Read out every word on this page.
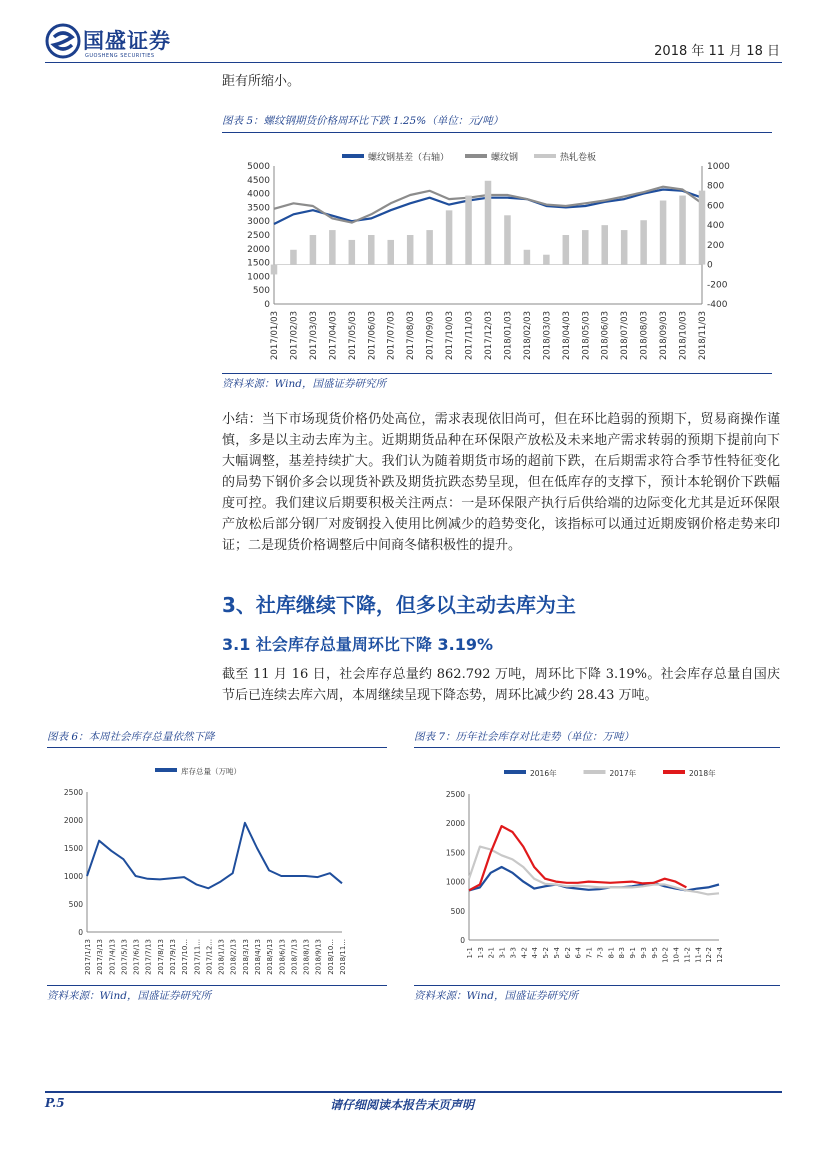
国盛证券
GUOSHENG SECURITIES	2018 年 11 月 18 日
距有所缩小。
图表 5：螺纹钢期货价格周环比下跌 1.25%（单位：元/吨）
0
500
1000
1500
2000
2500
3000
3500
4000
4500
5000
-400
-200
0
200
400
600
800
1000
2017/01/03 2017/02/03 2017/03/03 2017/04/03 2017/05/03 2017/06/03 2017/07/03 2017/08/03 2017/09/03 2017/10/03 2017/11/03 2017/12/03 2018/01/03 2018/02/03 2018/03/03 2018/04/03 2018/05/03 2018/06/03 2018/07/03 2018/08/03 2018/09/03 2018/10/03 2018/11/03
螺纹钢基差（右轴）	螺纹钢	热轧卷板
资料来源：Wind，国盛证券研究所
小结：当下市场现货价格仍处高位，需求表现依旧尚可，但在环比趋弱的预期下，贸易商操作谨慎，多是以主动去库为主。近期期货品种在环保限产放松及未来地产需求转弱的预期下提前向下大幅调整，基差持续扩大。我们认为随着期货市场的超前下跌，在后期需求符合季节性特征变化的局势下钢价多会以现货补跌及期货抗跌态势呈现，但在低库存的支撑下，预计本轮钢价下跌幅度可控。我们建议后期要积极关注两点：一是环保限产执行后供给端的边际变化尤其是近环保限产放松后部分钢厂对废钢投入使用比例减少的趋势变化，该指标可以通过近期废钢价格走势来印证；二是现货价格调整后中间商冬储积极性的提升。
3、社库继续下降，但多以主动去库为主
3.1 社会库存总量周环比下降 3.19%
截至 11 月 16 日，社会库存总量约 862.792 万吨，周环比下降 3.19%。社会库存总量自国庆节后已连续去库六周，本周继续呈现下降态势，周环比减少约 28.43 万吨。
图表 6：本周社会库存总量依然下降
0
500
1000
1500
2000
2500
2017/1/13 2017/3/13 2017/4/13 2017/5/13 2017/6/13 2017/7/13 2017/8/13 2017/9/13 2017/10... 2017/11... 2017/12... 2018/1/13 2018/2/13 2018/3/13 2018/4/13 2018/5/13 2018/6/13 2018/7/13 2018/8/13 2018/9/13 2018/10... 2018/11...
库存总量（万吨）
资料来源：Wind，国盛证券研究所
图表 7：历年社会库存对比走势（单位：万吨）
0
500
1000
1500
2000
2500
1-1 1-3 2-1 3-1 3-3 4-2 4-4 5-2 5-4 6-2 6-4 7-1 7-3 8-1 8-3 9-1 9-3 9-5 10-2 10-4 11-2 11-4 12-2 12-4
2016年	2017年	2018年
资料来源：Wind，国盛证券研究所
P.5	请仔细阅读本报告末页声明
